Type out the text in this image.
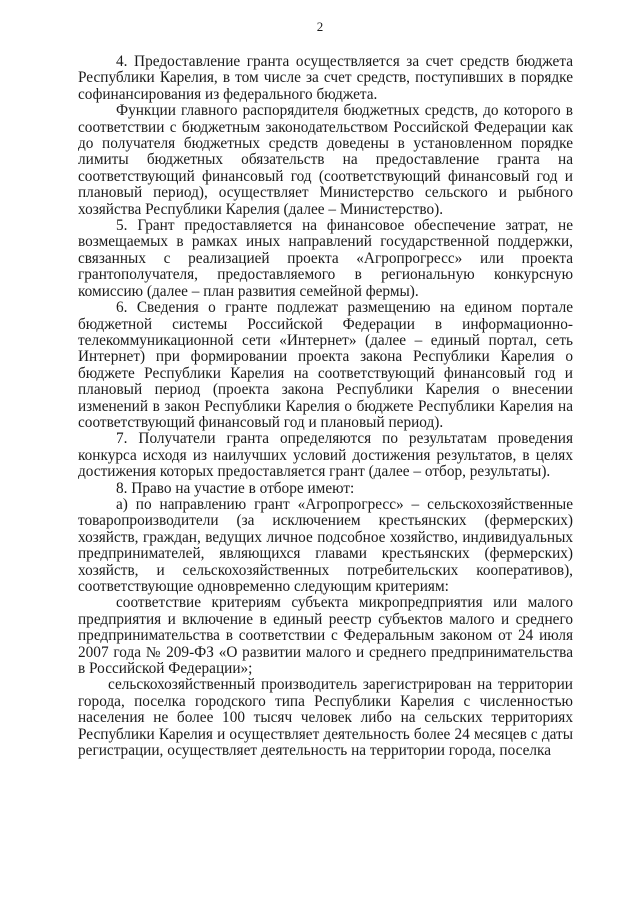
2

4. Предоставление гранта осуществляется за счет средств бюджета Республики Карелия, в том числе за счет средств, поступивших в порядке софинансирования из федерального бюджета.

Функции главного распорядителя бюджетных средств, до которого в соответствии с бюджетным законодательством Российской Федерации как до получателя бюджетных средств доведены в установленном порядке лимиты бюджетных обязательств на предоставление гранта на соответствующий финансовый год (соответствующий финансовый год и плановый период), осуществляет Министерство сельского и рыбного хозяйства Республики Карелия (далее – Министерство).

5. Грант предоставляется на финансовое обеспечение затрат, не возмещаемых в рамках иных направлений государственной поддержки, связанных с реализацией проекта «Агропрогресс» или проекта грантополучателя, предоставляемого в региональную конкурсную комиссию (далее – план развития семейной фермы).

6. Сведения о гранте подлежат размещению на едином портале бюджетной системы Российской Федерации в информационно-телекоммуникационной сети «Интернет» (далее – единый портал, сеть Интернет) при формировании проекта закона Республики Карелия о бюджете Республики Карелия на соответствующий финансовый год и плановый период (проекта закона Республики Карелия о внесении изменений в закон Республики Карелия о бюджете Республики Карелия на соответствующий финансовый год и плановый период).

7. Получатели гранта определяются по результатам проведения конкурса исходя из наилучших условий достижения результатов, в целях достижения которых предоставляется грант (далее – отбор, результаты).

8. Право на участие в отборе имеют:

а) по направлению грант «Агропрогресс» – сельскохозяйственные товаропроизводители (за исключением крестьянских (фермерских) хозяйств, граждан, ведущих личное подсобное хозяйство, индивидуальных предпринимателей, являющихся главами крестьянских (фермерских) хозяйств, и сельскохозяйственных потребительских кооперативов), соответствующие одновременно следующим критериям:

соответствие критериям субъекта микропредприятия или малого предприятия и включение в единый реестр субъектов малого и среднего предпринимательства в соответствии с Федеральным законом от 24 июля 2007 года № 209-ФЗ «О развитии малого и среднего предпринимательства в Российской Федерации»;

сельскохозяйственный производитель зарегистрирован на территории города, поселка городского типа Республики Карелия с численностью населения не более 100 тысяч человек либо на сельских территориях Республики Карелия и осуществляет деятельность более 24 месяцев с даты регистрации, осуществляет деятельность на территории города, поселка
